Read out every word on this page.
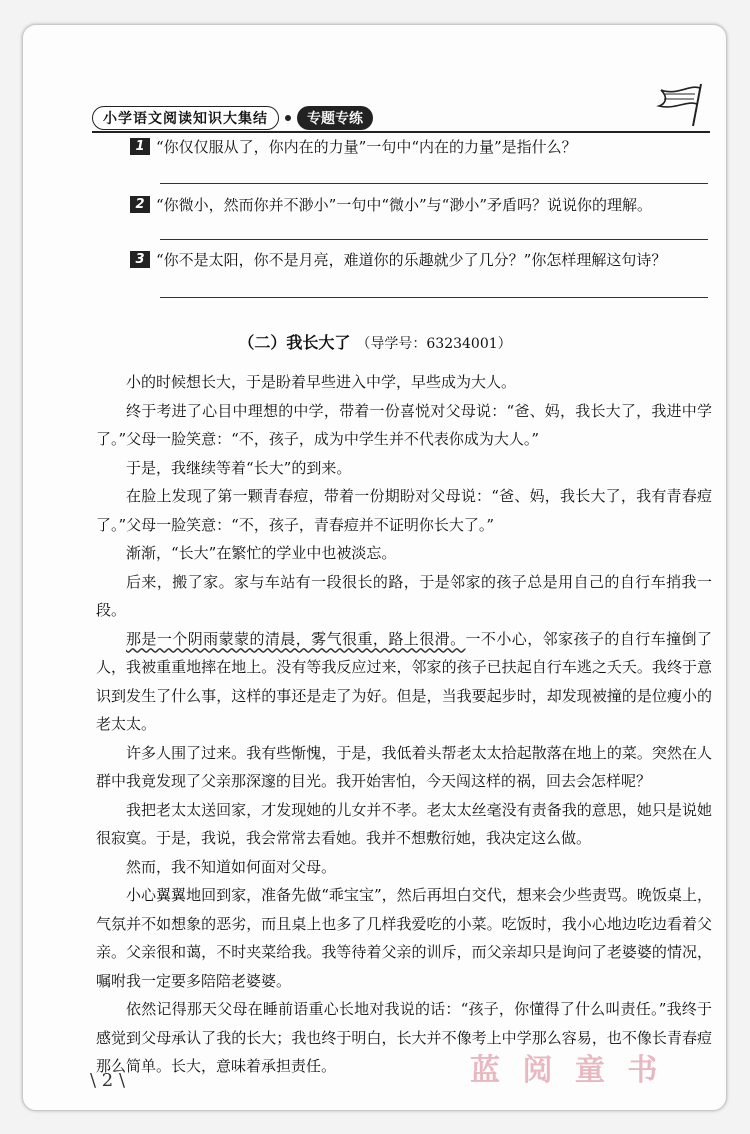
小学语文阅读知识大集结	专题专练
1 “你仅仅服从了，你内在的力量”一句中“内在的力量”是指什么？
2 “你微小，然而你并不渺小”一句中“微小”与“渺小”矛盾吗？说说你的理解。
3 “你不是太阳，你不是月亮，难道你的乐趣就少了几分？”你怎样理解这句诗？
（二）我长大了 （导学号：63234001）

小的时候想长大，于是盼着早些进入中学，早些成为大人。

终于考进了心目中理想的中学，带着一份喜悦对父母说：“爸、妈，我长大了，我进中学了。”父母一脸笑意：“不，孩子，成为中学生并不代表你成为大人。”

于是，我继续等着“长大”的到来。

在脸上发现了第一颗青春痘，带着一份期盼对父母说：“爸、妈，我长大了，我有青春痘了。”父母一脸笑意：“不，孩子，青春痘并不证明你长大了。”

渐渐，“长大”在繁忙的学业中也被淡忘。

后来，搬了家。家与车站有一段很长的路，于是邻家的孩子总是用自己的自行车捎我一段。

那是一个阴雨蒙蒙的清晨，雾气很重，路上很滑。一不小心，邻家孩子的自行车撞倒了人，我被重重地摔在地上。没有等我反应过来，邻家的孩子已扶起自行车逃之夭夭。我终于意识到发生了什么事，这样的事还是走了为好。但是，当我要起步时，却发现被撞的是位瘦小的老太太。

许多人围了过来。我有些惭愧，于是，我低着头帮老太太拾起散落在地上的菜。突然在人群中我竟发现了父亲那深邃的目光。我开始害怕，今天闯这样的祸，回去会怎样呢？

我把老太太送回家，才发现她的儿女并不孝。老太太丝毫没有责备我的意思，她只是说她很寂寞。于是，我说，我会常常去看她。我并不想敷衍她，我决定这么做。

然而，我不知道如何面对父母。

小心翼翼地回到家，准备先做“乖宝宝”，然后再坦白交代，想来会少些责骂。晚饭桌上，气氛并不如想象的恶劣，而且桌上也多了几样我爱吃的小菜。吃饭时，我小心地边吃边看着父亲。父亲很和蔼，不时夹菜给我。我等待着父亲的训斥，而父亲却只是询问了老婆婆的情况，嘱咐我一定要多陪陪老婆婆。

依然记得那天父母在睡前语重心长地对我说的话：“孩子，你懂得了什么叫责任。”我终于感觉到父母承认了我的长大；我也终于明白，长大并不像考上中学那么容易，也不像长青春痘那么简单。长大，意味着承担责任。

\ 2 \	蓝 阅 童 书
